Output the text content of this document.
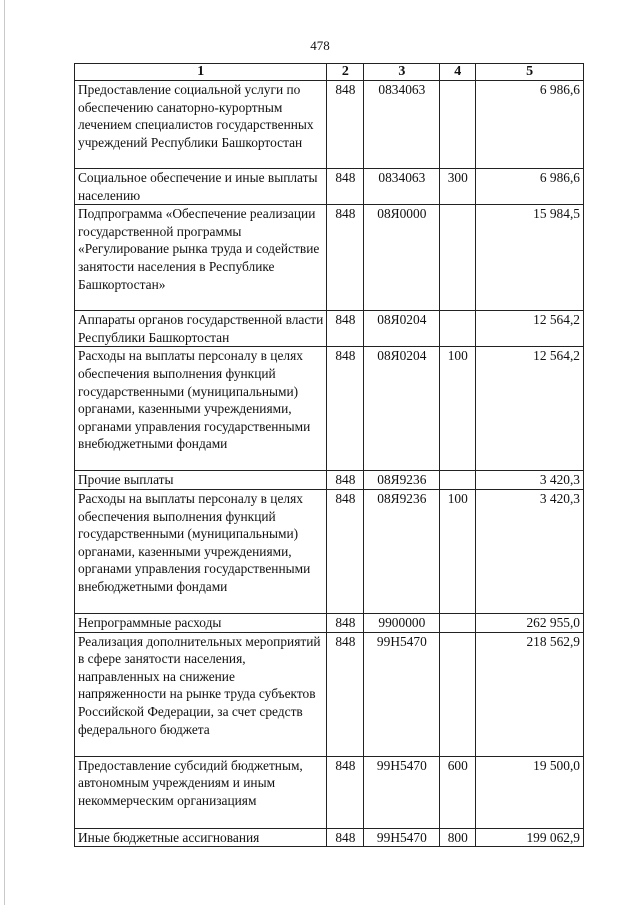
478
1	2	3	4	5
Предоставление социальной услуги по обеспечению санаторно-курортным лечением специалистов государственных учреждений Республики Башкортостан	848	0834063		6 986,6
Социальное обеспечение и иные выплаты населению	848	0834063	300	6 986,6
Подпрограмма «Обеспечение реализации государственной программы «Регулирование рынка труда и содействие занятости населения в Республике Башкортостан»	848	08Я0000		15 984,5
Аппараты органов государственной власти Республики Башкортостан	848	08Я0204		12 564,2
Расходы на выплаты персоналу в целях обеспечения выполнения функций государственными (муниципальными) органами, казенными учреждениями, органами управления государственными внебюджетными фондами	848	08Я0204	100	12 564,2
Прочие выплаты	848	08Я9236		3 420,3
Расходы на выплаты персоналу в целях обеспечения выполнения функций государственными (муниципальными) органами, казенными учреждениями, органами управления государственными внебюджетными фондами	848	08Я9236	100	3 420,3
Непрограммные расходы	848	9900000		262 955,0
Реализация дополнительных мероприятий в сфере занятости населения, направленных на снижение напряженности на рынке труда субъектов Российской Федерации, за счет средств федерального бюджета	848	99Н5470		218 562,9
Предоставление субсидий бюджетным, автономным учреждениям и иным некоммерческим организациям	848	99Н5470	600	19 500,0
Иные бюджетные ассигнования	848	99Н5470	800	199 062,9
